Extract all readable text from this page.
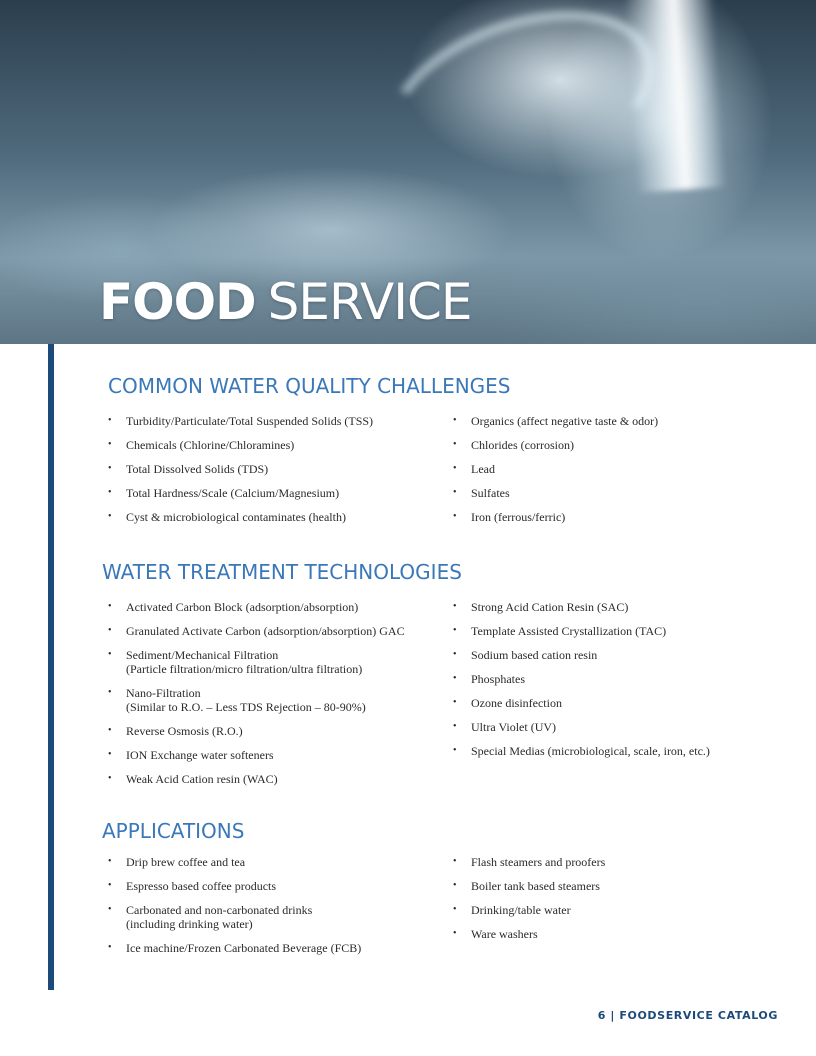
FOOD SERVICE
COMMON WATER QUALITY CHALLENGES
• Turbidity/Particulate/Total Suspended Solids (TSS)
• Chemicals (Chlorine/Chloramines)
• Total Dissolved Solids (TDS)
• Total Hardness/Scale (Calcium/Magnesium)
• Cyst & microbiological contaminates (health)
• Organics (affect negative taste & odor)
• Chlorides (corrosion)
• Lead
• Sulfates
• Iron (ferrous/ferric)
WATER TREATMENT TECHNOLOGIES
• Activated Carbon Block (adsorption/absorption)
• Granulated Activate Carbon (adsorption/absorption) GAC
• Sediment/Mechanical Filtration
(Particle filtration/micro filtration/ultra filtration)
• Nano-Filtration
(Similar to R.O. – Less TDS Rejection – 80-90%)
• Reverse Osmosis (R.O.)
• ION Exchange water softeners
• Weak Acid Cation resin (WAC)
• Strong Acid Cation Resin (SAC)
• Template Assisted Crystallization (TAC)
• Sodium based cation resin
• Phosphates
• Ozone disinfection
• Ultra Violet (UV)
• Special Medias (microbiological, scale, iron, etc.)
APPLICATIONS
• Drip brew coffee and tea
• Espresso based coffee products
• Carbonated and non-carbonated drinks
(including drinking water)
• Ice machine/Frozen Carbonated Beverage (FCB)
• Flash steamers and proofers
• Boiler tank based steamers
• Drinking/table water
• Ware washers

6 | FOODSERVICE CATALOG
